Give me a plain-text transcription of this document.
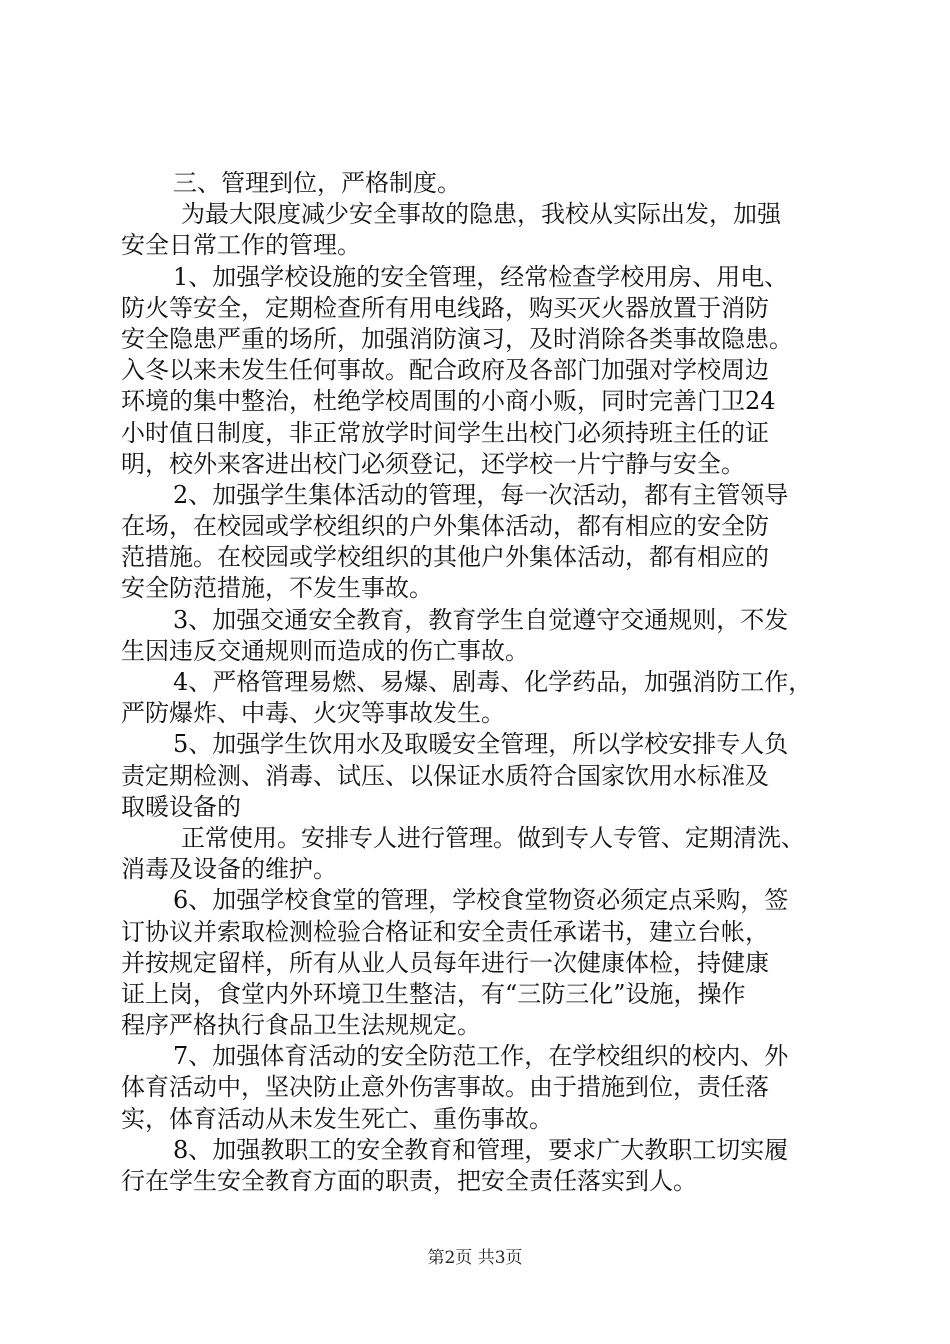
三、管理到位，严格制度。
为最大限度减少安全事故的隐患，我校从实际出发，加强
安全日常工作的管理。
1、加强学校设施的安全管理，经常检查学校用房、用电、
防火等安全，定期检查所有用电线路，购买灭火器放置于消防
安全隐患严重的场所，加强消防演习，及时消除各类事故隐患。
入冬以来未发生任何事故。配合政府及各部门加强对学校周边
环境的集中整治，杜绝学校周围的小商小贩，同时完善门卫24
小时值日制度，非正常放学时间学生出校门必须持班主任的证
明，校外来客进出校门必须登记，还学校一片宁静与安全。
2、加强学生集体活动的管理，每一次活动，都有主管领导
在场，在校园或学校组织的户外集体活动，都有相应的安全防
范措施。在校园或学校组织的其他户外集体活动，都有相应的
安全防范措施，不发生事故。
3、加强交通安全教育，教育学生自觉遵守交通规则，不发
生因违反交通规则而造成的伤亡事故。
4、严格管理易燃、易爆、剧毒、化学药品，加强消防工作，
严防爆炸、中毒、火灾等事故发生。
5、加强学生饮用水及取暖安全管理，所以学校安排专人负
责定期检测、消毒、试压、以保证水质符合国家饮用水标准及
取暖设备的
正常使用。安排专人进行管理。做到专人专管、定期清洗、
消毒及设备的维护。
6、加强学校食堂的管理，学校食堂物资必须定点采购，签
订协议并索取检测检验合格证和安全责任承诺书，建立台帐，
并按规定留样，所有从业人员每年进行一次健康体检，持健康
证上岗，食堂内外环境卫生整洁，有“三防三化”设施，操作
程序严格执行食品卫生法规规定。
7、加强体育活动的安全防范工作，在学校组织的校内、外
体育活动中，坚决防止意外伤害事故。由于措施到位，责任落
实，体育活动从未发生死亡、重伤事故。
8、加强教职工的安全教育和管理，要求广大教职工切实履
行在学生安全教育方面的职责，把安全责任落实到人。
第2页 共3页
